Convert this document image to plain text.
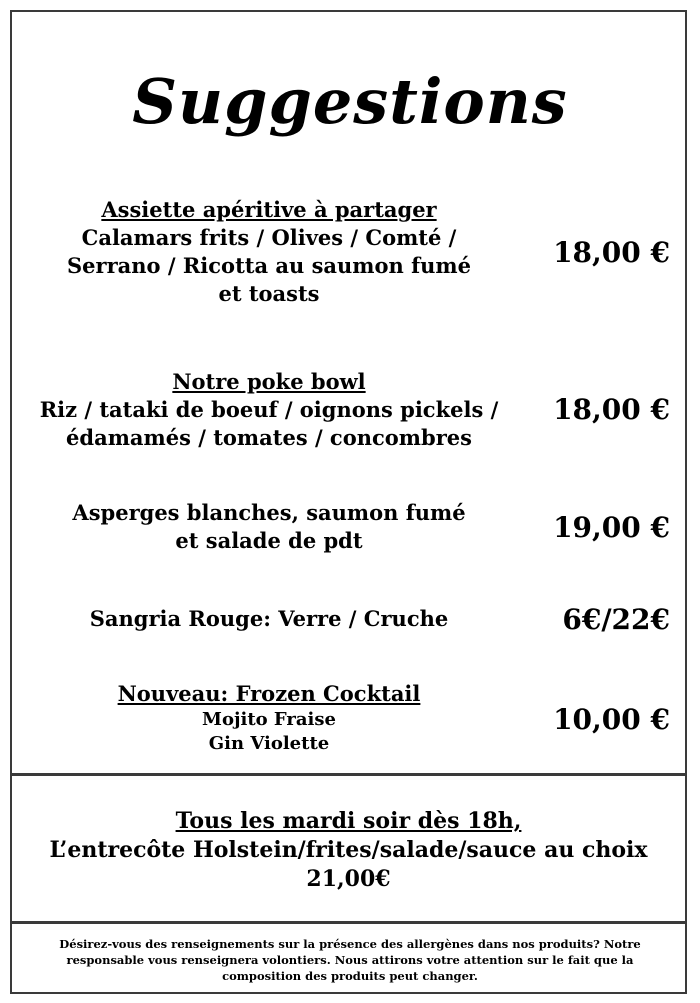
Suggestions
Assiette apéritive à partager
Calamars frits / Olives / Comté /
Serrano / Ricotta au saumon fumé
et toasts
18,00 €
Notre poke bowl
Riz / tataki de boeuf / oignons pickels /
édamamés / tomates / concombres
18,00 €
Asperges blanches, saumon fumé
et salade de pdt	19,00 €
Sangria Rouge: Verre / Cruche	6€/22€
Nouveau: Frozen Cocktail
Mojito Fraise
Gin Violette
10,00 €
Tous les mardi soir dès 18h,
L’entrecôte Holstein/frites/salade/sauce au choix
21,00€
Désirez-vous des renseignements sur la présence des allergènes dans nos produits? Notre responsable vous renseignera volontiers. Nous attirons votre attention sur le fait que la composition des produits peut changer.
